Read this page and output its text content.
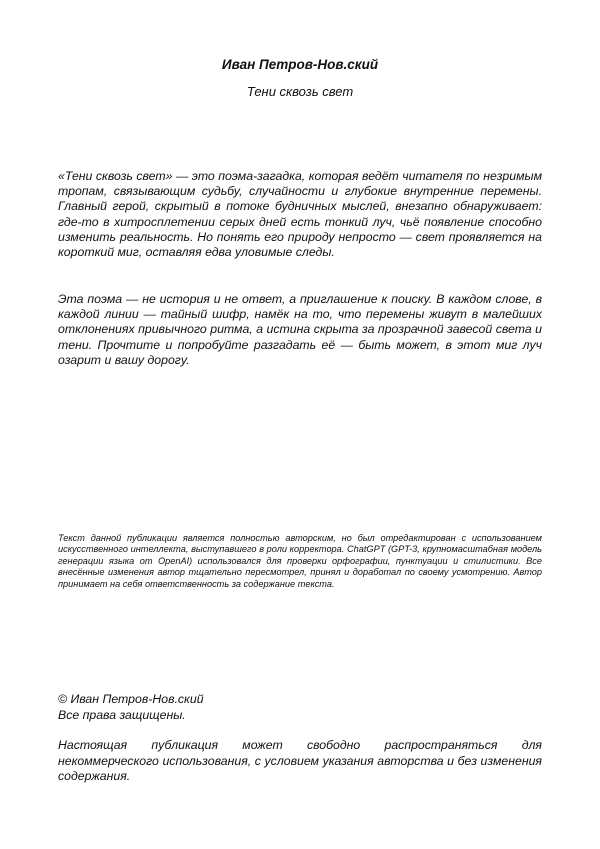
Иван Петров-Нов.ский
Тени сквозь свет

«Тени сквозь свет» — это поэма-загадка, которая ведёт читателя по незримым тропам, связывающим судьбу, случайности и глубокие внутренние перемены. Главный герой, скрытый в потоке будничных мыслей, внезапно обнаруживает: где-то в хитросплетении серых дней есть тонкий луч, чьё появление способно изменить реальность. Но понять его природу непросто — свет проявляется на короткий миг, оставляя едва уловимые следы.

Эта поэма — не история и не ответ, а приглашение к поиску. В каждом слове, в каждой линии — тайный шифр, намёк на то, что перемены живут в малейших отклонениях привычного ритма, а истина скрыта за прозрачной завесой света и тени. Прочтите и попробуйте разгадать её — быть может, в этот миг луч озарит и вашу дорогу.

Текст данной публикации является полностью авторским, но был отредактирован с использованием искусственного интеллекта, выступавшего в роли корректора. ChatGPT (GPT-3, крупномасштабная модель генерации языка от OpenAI) использовался для проверки орфографии, пунктуации и стилистики. Все внесённые изменения автор тщательно пересмотрел, принял и доработал по своему усмотрению. Автор принимает на себя ответственность за содержание текста.

© Иван Петров-Нов.ский
Все права защищены.

Настоящая публикация может свободно распространяться для некоммерческого использования, с условием указания авторства и без изменения содержания.
